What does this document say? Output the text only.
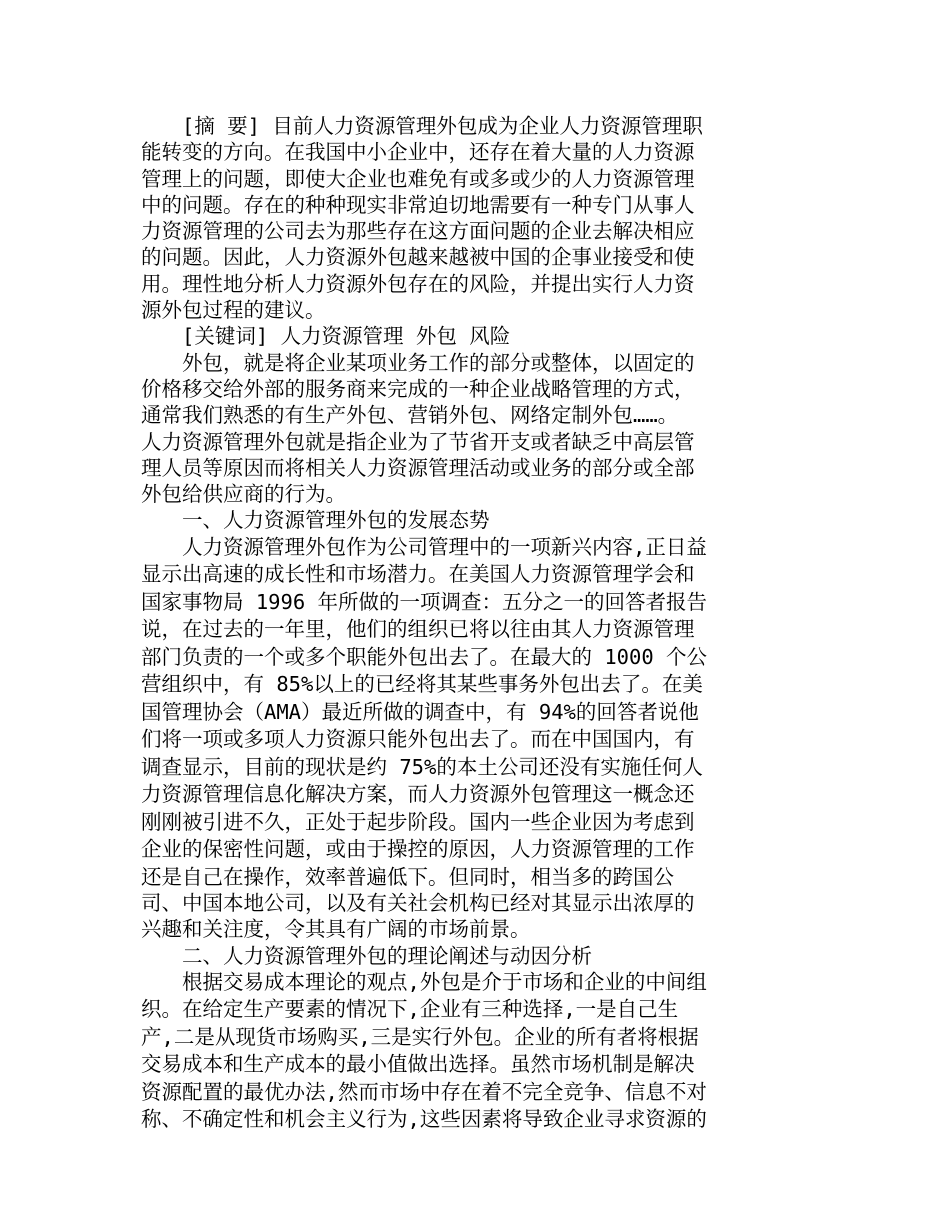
[摘 要] 目前人力资源管理外包成为企业人力资源管理职
能转变的方向。在我国中小企业中，还存在着大量的人力资源
管理上的问题，即使大企业也难免有或多或少的人力资源管理
中的问题。存在的种种现实非常迫切地需要有一种专门从事人
力资源管理的公司去为那些存在这方面问题的企业去解决相应
的问题。因此，人力资源外包越来越被中国的企事业接受和使
用。理性地分析人力资源外包存在的风险，并提出实行人力资
源外包过程的建议。
[关键词] 人力资源管理 外包 风险
外包，就是将企业某项业务工作的部分或整体，以固定的
价格移交给外部的服务商来完成的一种企业战略管理的方式，
通常我们熟悉的有生产外包、营销外包、网络定制外包……。
人力资源管理外包就是指企业为了节省开支或者缺乏中高层管
理人员等原因而将相关人力资源管理活动或业务的部分或全部
外包给供应商的行为。
一、人力资源管理外包的发展态势
人力资源管理外包作为公司管理中的一项新兴内容,正日益
显示出高速的成长性和市场潜力。在美国人力资源管理学会和
国家事物局 1996 年所做的一项调查：五分之一的回答者报告
说，在过去的一年里，他们的组织已将以往由其人力资源管理
部门负责的一个或多个职能外包出去了。在最大的 1000 个公
营组织中，有 85%以上的已经将其某些事务外包出去了。在美
国管理协会（AMA）最近所做的调查中，有 94%的回答者说他
们将一项或多项人力资源只能外包出去了。而在中国国内，有
调查显示，目前的现状是约 75%的本土公司还没有实施任何人
力资源管理信息化解决方案，而人力资源外包管理这一概念还
刚刚被引进不久，正处于起步阶段。国内一些企业因为考虑到
企业的保密性问题，或由于操控的原因，人力资源管理的工作
还是自己在操作，效率普遍低下。但同时，相当多的跨国公
司、中国本地公司，以及有关社会机构已经对其显示出浓厚的
兴趣和关注度，令其具有广阔的市场前景。
二、人力资源管理外包的理论阐述与动因分析
根据交易成本理论的观点,外包是介于市场和企业的中间组
织。在给定生产要素的情况下,企业有三种选择,一是自己生
产,二是从现货市场购买,三是实行外包。企业的所有者将根据
交易成本和生产成本的最小值做出选择。虽然市场机制是解决
资源配置的最优办法,然而市场中存在着不完全竞争、信息不对
称、不确定性和机会主义行为,这些因素将导致企业寻求资源的
